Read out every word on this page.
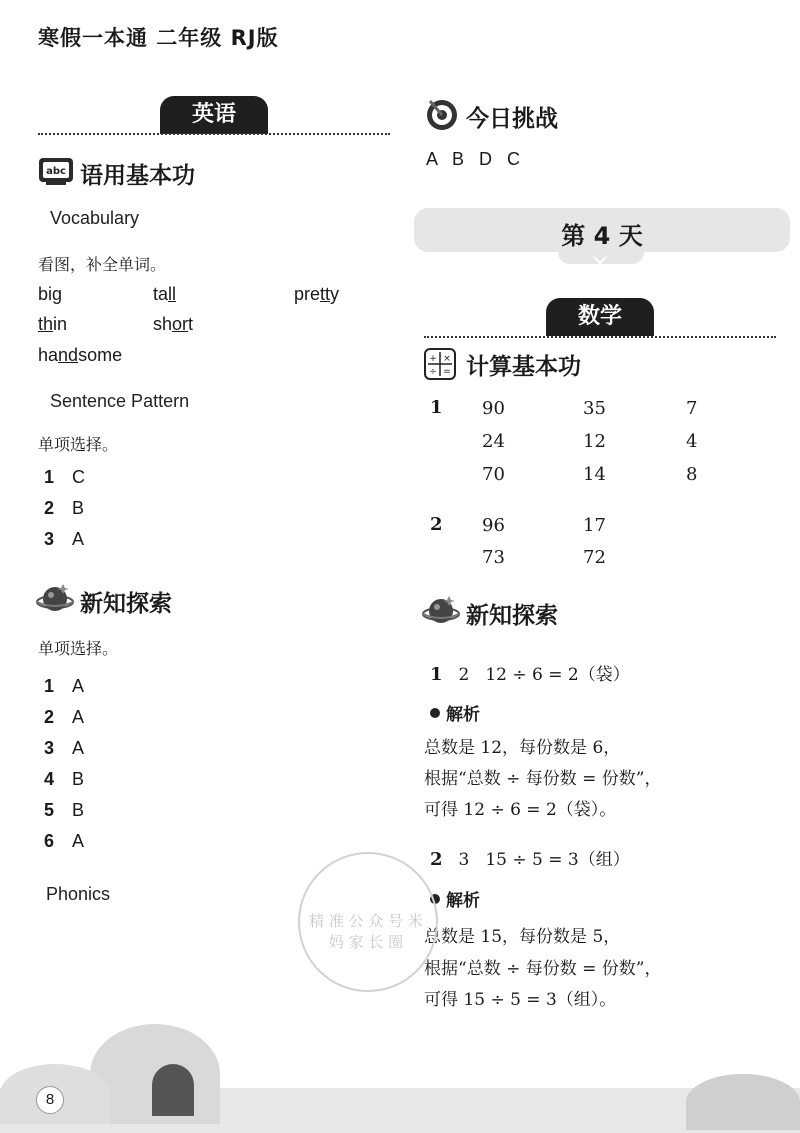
寒假一本通 二年级 RJ版
英语
abc 语用基本功
Vocabulary
看图，补全单词。
big	tall	pretty
thin	short
handsome
Sentence Pattern
单项选择。
1 C
2 B
3 A
新知探索
单项选择。
1 A
2 A
3 A
4 B
5 B
6 A
Phonics
今日挑战
A   B   D   C
第 4 天
数学
+ ×
÷ = 计算基本功
1 90	35	7
24	12	4
70	14	8
2 96	17
73	72
新知探索
1 2 12 ÷ 6 = 2（袋）
解析
总数是 12，每份数是 6，
根据“总数 ÷ 每份数 = 份数”，
可得 12 ÷ 6 = 2（袋）。
2 3 15 ÷ 5 = 3（组）
解析
总数是 15，每份数是 5，
根据“总数 ÷ 每份数 = 份数”，
可得 15 ÷ 5 = 3（组）。
精 准 公 众 号 米 妈 家 长 圈
8
